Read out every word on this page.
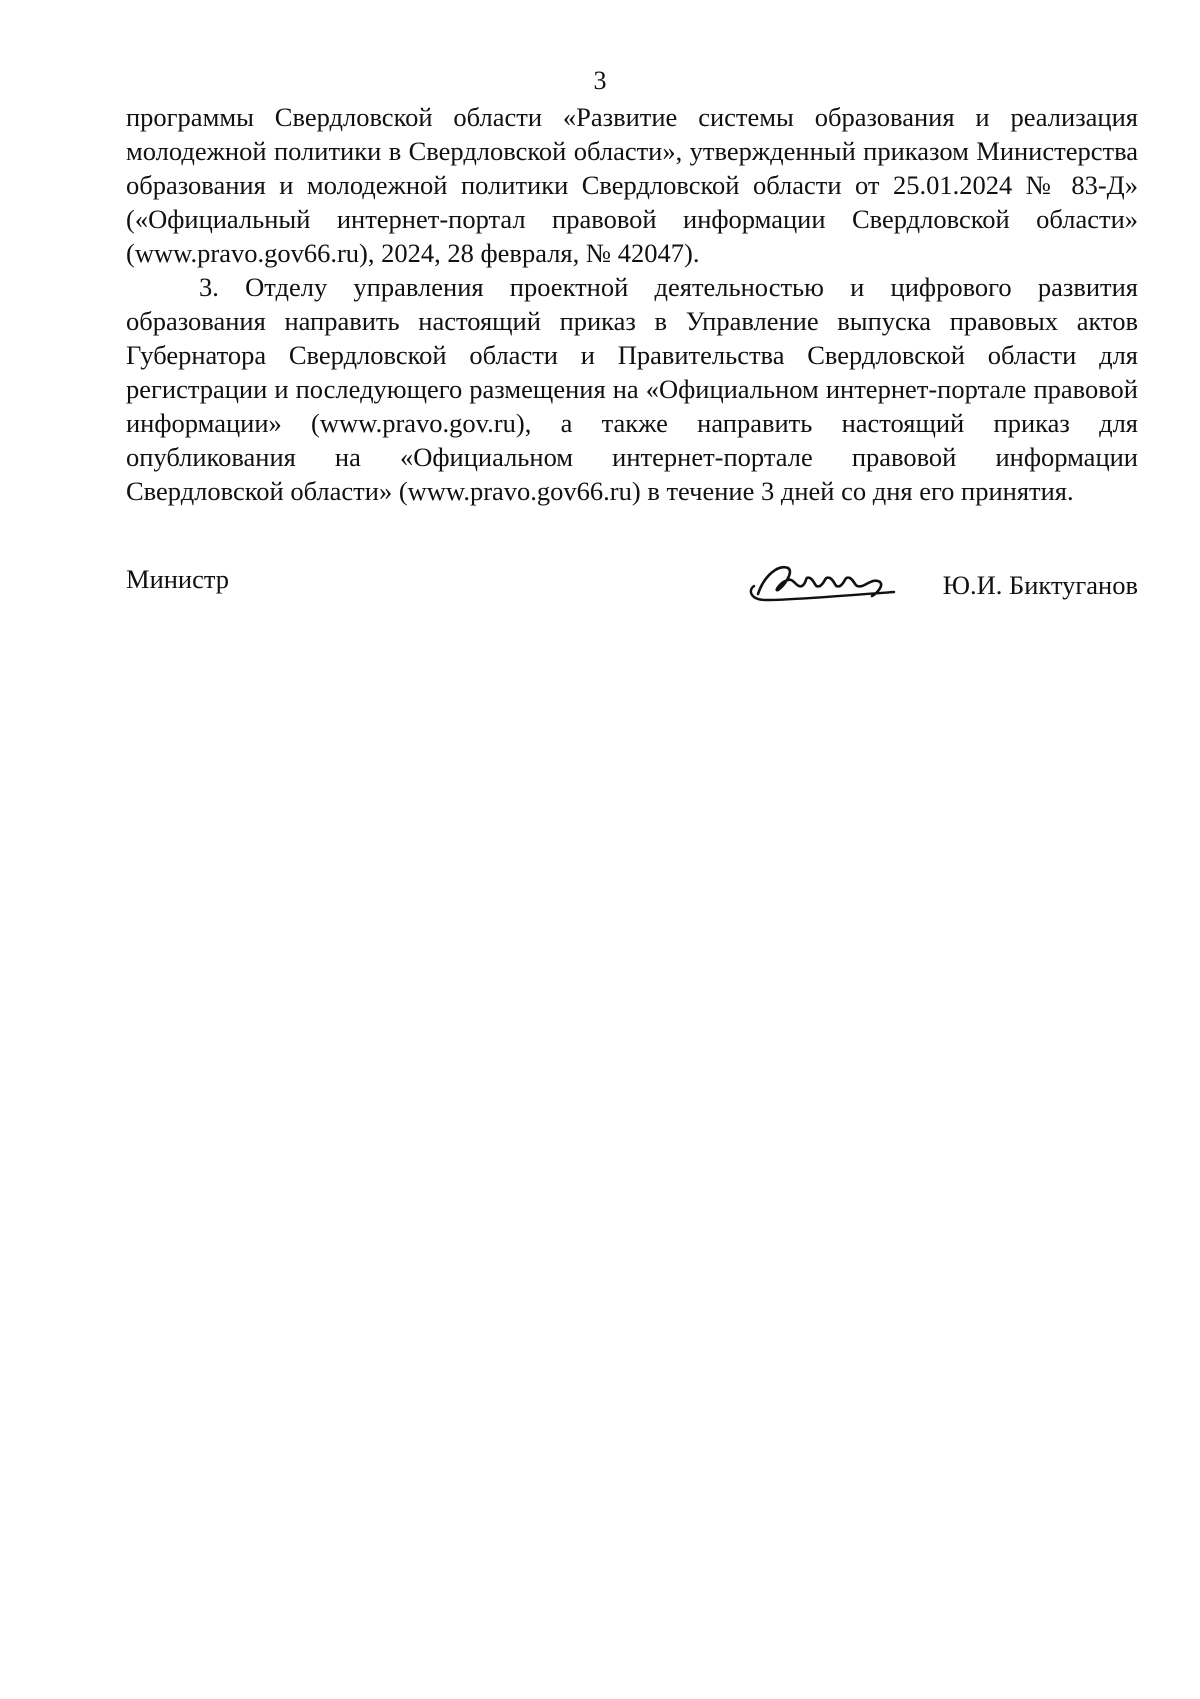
3

программы Свердловской области «Развитие системы образования и реализация молодежной политики в Свердловской области», утвержденный приказом Министерства образования и молодежной политики Свердловской области от 25.01.2024 № 83-Д» («Официальный интернет-портал правовой информации Свердловской области» (www.pravo.gov66.ru), 2024, 28 февраля, № 42047).

3. Отделу управления проектной деятельностью и цифрового развития образования направить настоящий приказ в Управление выпуска правовых актов Губернатора Свердловской области и Правительства Свердловской области для регистрации и последующего размещения на «Официальном интернет-портале правовой информации» (www.pravo.gov.ru), а также направить настоящий приказ для опубликования на «Официальном интернет-портале правовой информации Свердловской области» (www.pravo.gov66.ru) в течение 3 дней со дня его принятия.

Министр	Ю.И. Биктуганов
